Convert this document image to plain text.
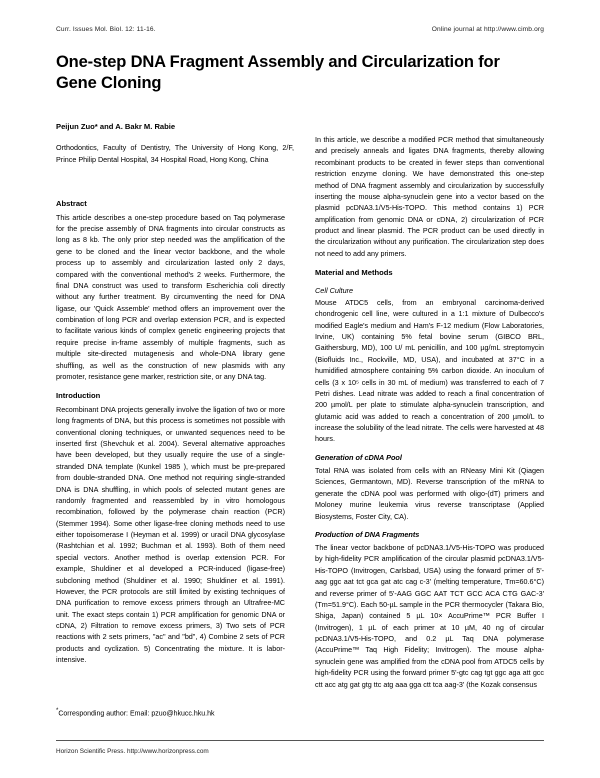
Curr. Issues Mol. Biol. 12: 11-16.	Online journal at http://www.cimb.org
One-step DNA Fragment Assembly and Circularization for Gene Cloning
Peijun Zuo* and A. Bakr M. Rabie
Orthodontics, Faculty of Dentistry, The University of Hong Kong, 2/F, Prince Philip Dental Hospital, 34 Hospital Road, Hong Kong, China
Abstract

This article describes a one-step procedure based on Taq polymerase for the precise assembly of DNA fragments into circular constructs as long as 8 kb. The only prior step needed was the amplification of the gene to be cloned and the linear vector backbone, and the whole process up to assembly and circularization lasted only 2 days, compared with the conventional method's 2 weeks. Furthermore, the final DNA construct was used to transform Escherichia coli directly without any further treatment. By circumventing the need for DNA ligase, our 'Quick Assemble' method offers an improvement over the combination of long PCR and overlap extension PCR, and is expected to facilitate various kinds of complex genetic engineering projects that require precise in-frame assembly of multiple fragments, such as multiple site-directed mutagenesis and whole-DNA library gene shuffling, as well as the construction of new plasmids with any promoter, resistance gene marker, restriction site, or any DNA tag.

Introduction

Recombinant DNA projects generally involve the ligation of two or more long fragments of DNA, but this process is sometimes not possible with conventional cloning techniques, or unwanted sequences need to be inserted first (Shevchuk et al. 2004). Several alternative approaches have been developed, but they usually require the use of a single-stranded DNA template (Kunkel 1985 ), which must be pre-prepared from double-stranded DNA. One method not requiring single-stranded DNA is DNA shuffling, in which pools of selected mutant genes are randomly fragmented and reassembled by in vitro homologous recombination, followed by the polymerase chain reaction (PCR) (Stemmer 1994). Some other ligase-free cloning methods need to use either topoisomerase I (Heyman et al. 1999) or uracil DNA glycosylase (Rashtchian et al. 1992; Buchman et al. 1993). Both of them need special vectors. Another method is overlap extension PCR. For example, Shuldiner et al developed a PCR-induced (ligase-free) subcloning method (Shuldiner et al. 1990; Shuldiner et al. 1991). However, the PCR protocols are still limited by existing techniques of DNA purification to remove excess primers through an Ultrafree-MC unit. The exact steps contain 1) PCR amplification for genomic DNA or cDNA, 2) Filtration to remove excess primers, 3) Two sets of PCR reactions with 2 sets primers, "ac" and "bd", 4) Combine 2 sets of PCR products and cyclization. 5) Concentrating the mixture. It is labor-intensive.

In this article, we describe a modified PCR method that simultaneously and precisely anneals and ligates DNA fragments, thereby allowing recombinant products to be created in fewer steps than conventional restriction enzyme cloning. We have demonstrated this one-step method of DNA fragment assembly and circularization by successfully inserting the mouse alpha-synuclein gene into a vector based on the plasmid pcDNA3.1/V5-His-TOPO. This method contains 1) PCR amplification from genomic DNA or cDNA, 2) circularization of PCR product and linear plasmid. The PCR product can be used directly in the circularization without any purification. The circularization step does not need to add any primers.

Material and Methods
Cell Culture

Mouse ATDC5 cells, from an embryonal carcinoma-derived chondrogenic cell line, were cultured in a 1:1 mixture of Dulbecco's modified Eagle's medium and Ham's F-12 medium (Flow Laboratories, Irvine, UK) containing 5% fetal bovine serum (GIBCO BRL, Gaithersburg, MD), 100 U/ mL penicillin, and 100 µg/mL streptomycin (Biofluids Inc., Rockville, MD, USA), and incubated at 37°C in a humidified atmosphere containing 5% carbon dioxide. An inoculum of cells (3 x 10⁵ cells in 30 mL of medium) was transferred to each of 7 Petri dishes. Lead nitrate was added to reach a final concentration of 200 µmol/L per plate to stimulate alpha-synuclein transcription, and glutamic acid was added to reach a concentration of 200 µmol/L to increase the solubility of the lead nitrate. The cells were harvested at 48 hours.

Generation of cDNA Pool

Total RNA was isolated from cells with an RNeasy Mini Kit (Qiagen Sciences, Germantown, MD). Reverse transcription of the mRNA to generate the cDNA pool was performed with oligo-(dT) primers and Moloney murine leukemia virus reverse transcriptase (Applied Biosystems, Foster City, CA).

Production of DNA Fragments

The linear vector backbone of pcDNA3.1/V5-His-TOPO was produced by high-fidelity PCR amplification of the circular plasmid pcDNA3.1/V5-His-TOPO (Invitrogen, Carlsbad, USA) using the forward primer of 5'-aag ggc aat tct gca gat atc cag c-3' (melting temperature, Tm=60.6°C) and reverse primer of 5'-AAG GGC AAT TCT GCC ACA CTG GAC-3' (Tm=51.9°C). Each 50-µL sample in the PCR thermocycler (Takara Bio, Shiga, Japan) contained 5 µL 10× AccuPrime™ PCR Buffer I (Invitrogen), 1 µL of each primer at 10 µM, 40 ng of circular pcDNA3.1/V5-His-TOPO, and 0.2 µL Taq DNA polymerase (AccuPrime™ Taq High Fidelity; Invitrogen). The mouse alpha-synuclein gene was amplified from the cDNA pool from ATDC5 cells by high-fidelity PCR using the forward primer 5'-gtc cag tgt ggc aga att gcc ctt acc atg gat gtg ttc atg aaa gga ctt tca aag-3' (the Kozak consensus

*Corresponding author: Email: pzuo@hkucc.hku.hk
Horizon Scientific Press. http://www.horizonpress.com
